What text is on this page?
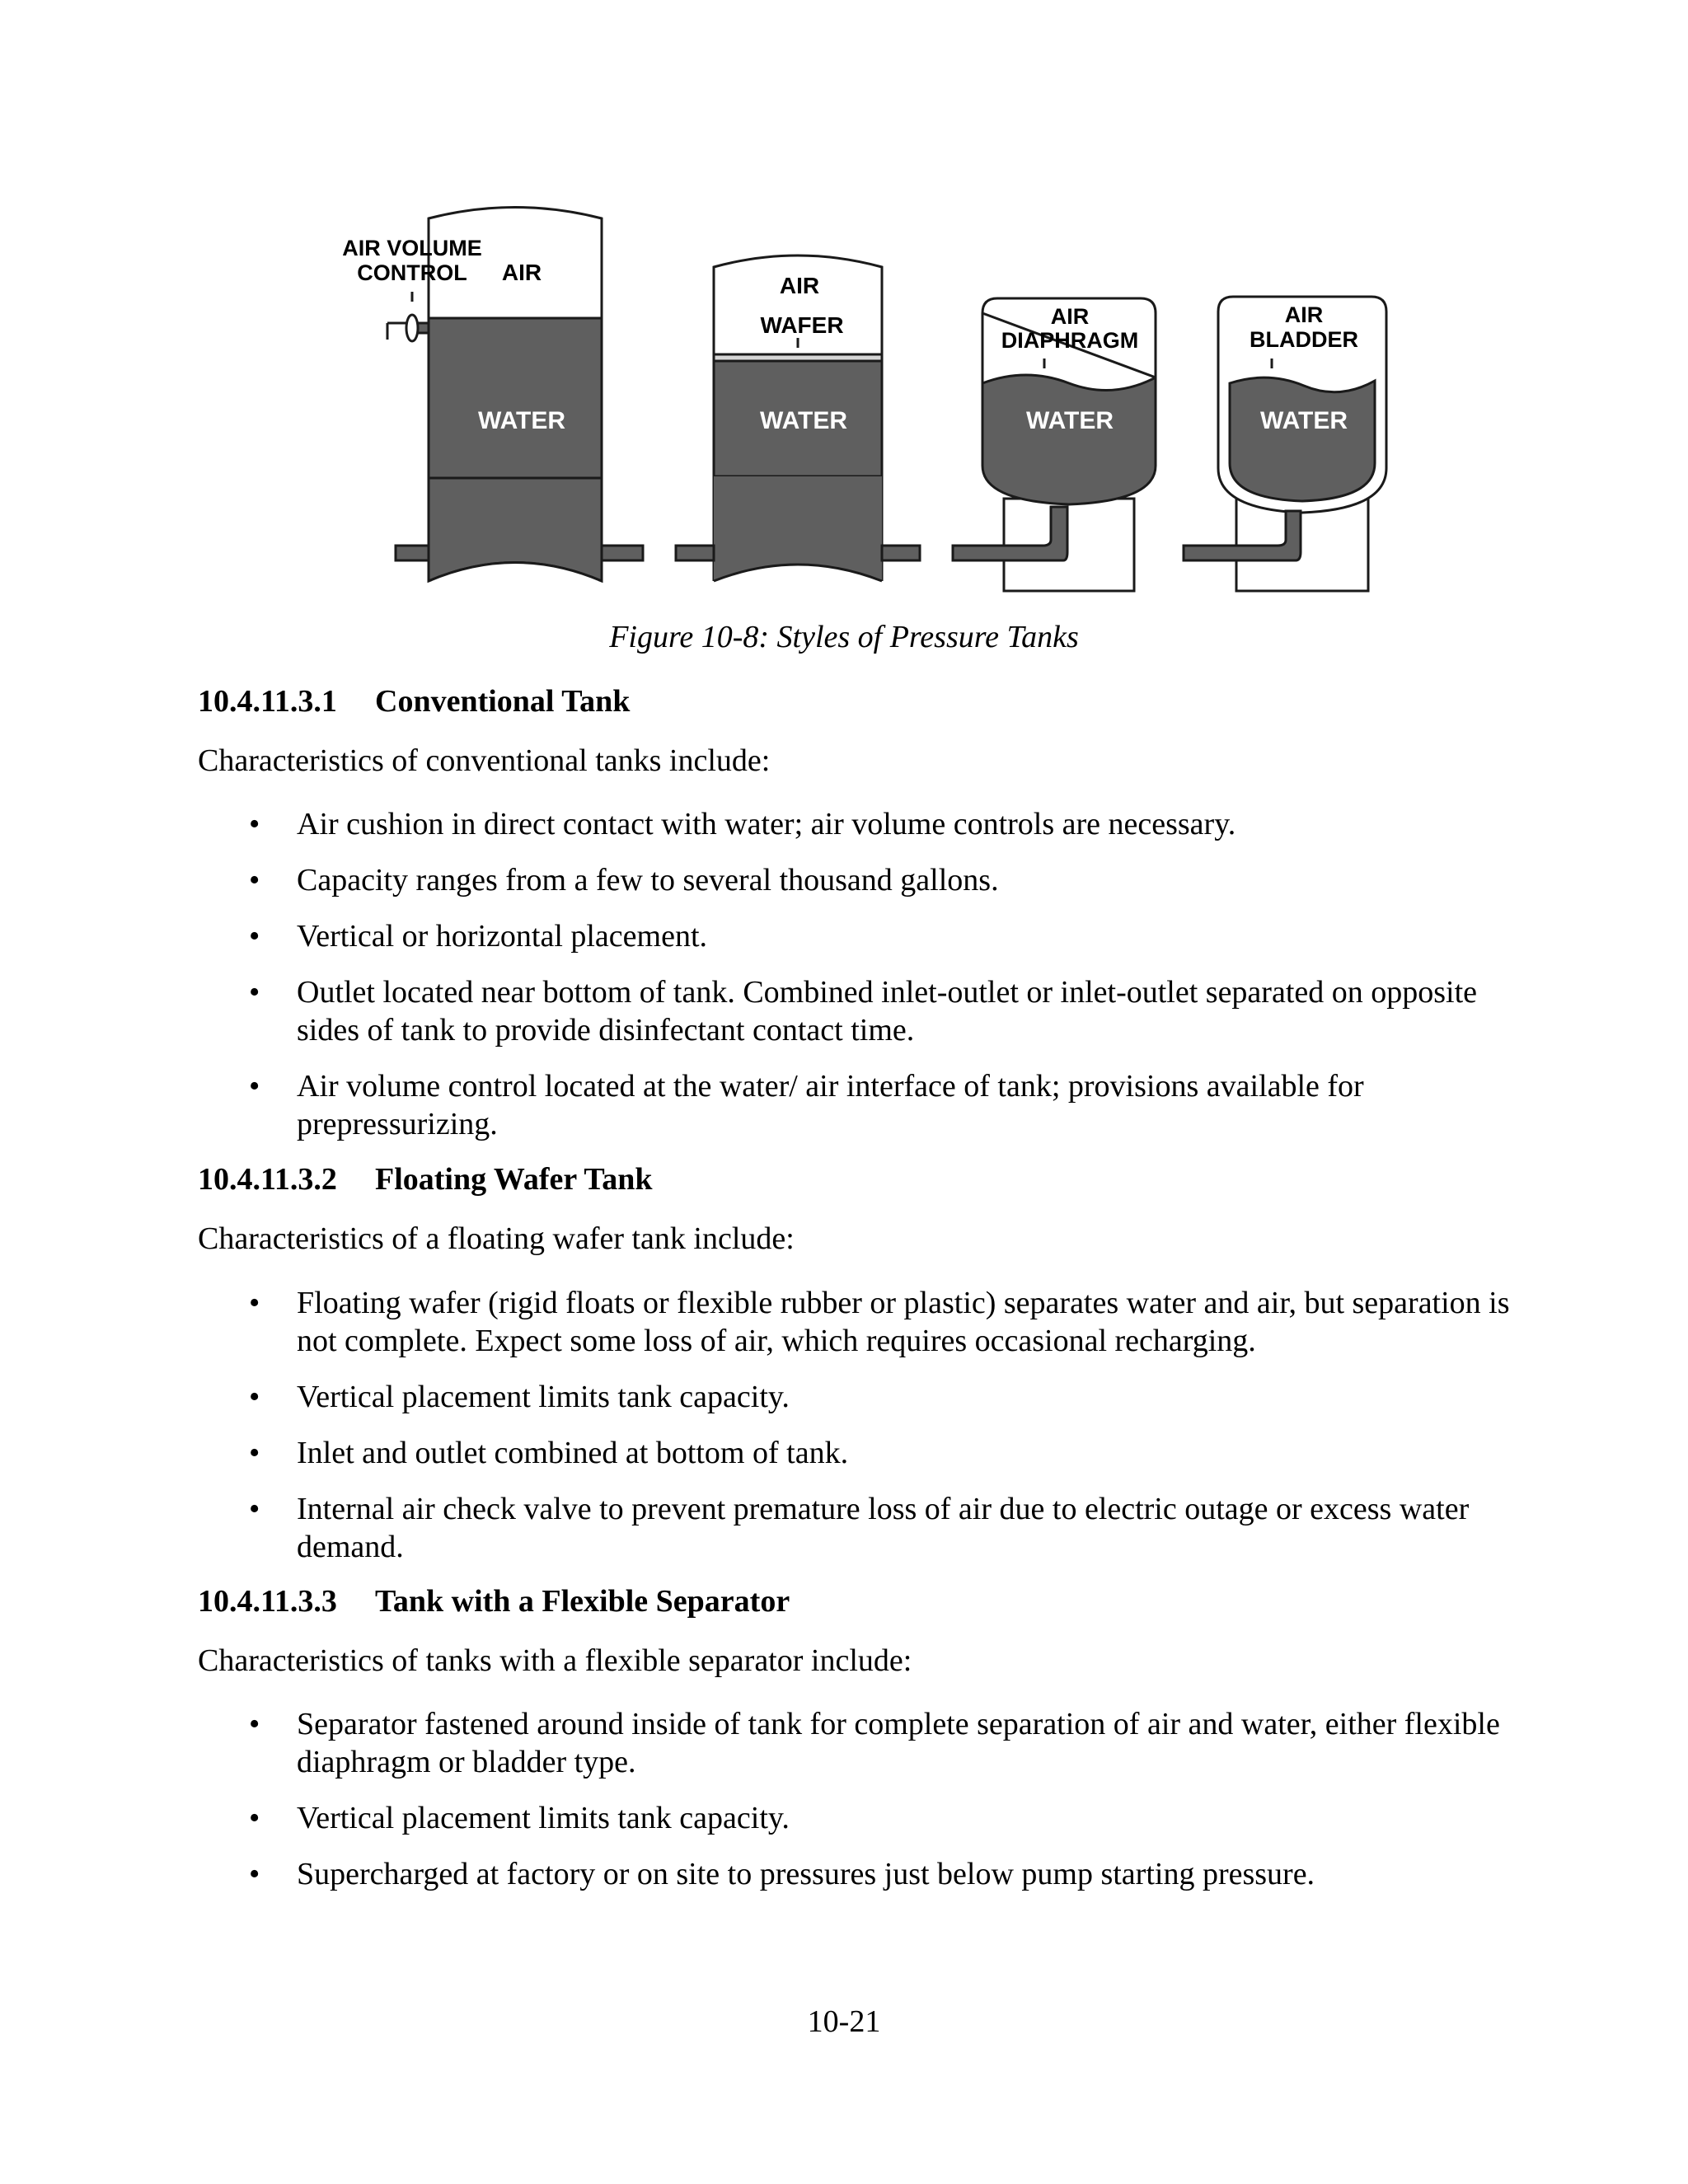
AIR VOLUME
CONTROL AIR
WATER
AIR
WAFER
WATER
AIR
DIAPHRAGM
WATER
AIR
BLADDER
WATER
Figure 10-8: Styles of Pressure Tanks
10.4.11.3.1 Conventional Tank
Characteristics of conventional tanks include:
• Air cushion in direct contact with water; air volume controls are necessary.
• Capacity ranges from a few to several thousand gallons.
• Vertical or horizontal placement.
• Outlet located near bottom of tank. Combined inlet-outlet or inlet-outlet separated on opposite sides of tank to provide disinfectant contact time.
• Air volume control located at the water/ air interface of tank; provisions available for prepressurizing.
10.4.11.3.2 Floating Wafer Tank
Characteristics of a floating wafer tank include:
• Floating wafer (rigid floats or flexible rubber or plastic) separates water and air, but separation is not complete. Expect some loss of air, which requires occasional recharging.
• Vertical placement limits tank capacity.
• Inlet and outlet combined at bottom of tank.
• Internal air check valve to prevent premature loss of air due to electric outage or excess water demand.
10.4.11.3.3 Tank with a Flexible Separator
Characteristics of tanks with a flexible separator include:
• Separator fastened around inside of tank for complete separation of air and water, either flexible diaphragm or bladder type.
• Vertical placement limits tank capacity.
• Supercharged at factory or on site to pressures just below pump starting pressure.
10-21
